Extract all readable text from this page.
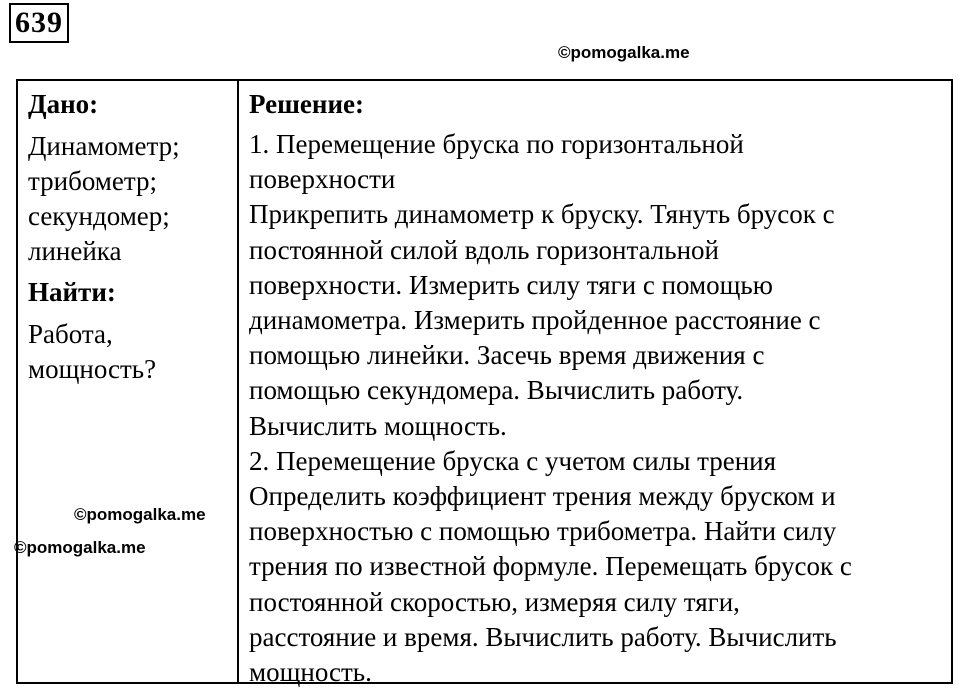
639
©pomogalka.me
Дано:
Динамометр;
трибометр;
секундомер;
линейка
Найти:
Работа,
мощность?
Решение:
1. Перемещение бруска по горизонтальной
поверхности
Прикрепить динамометр к бруску. Тянуть брусок с
постоянной силой вдоль горизонтальной
поверхности. Измерить силу тяги с помощью
динамометра. Измерить пройденное расстояние с
помощью линейки. Засечь время движения с
помощью секундомера. Вычислить работу.
Вычислить мощность.
2. Перемещение бруска с учетом силы трения
Определить коэффициент трения между бруском и
поверхностью с помощью трибометра. Найти силу
трения по известной формуле. Перемещать брусок с
постоянной скоростью, измеряя силу тяги,
расстояние и время. Вычислить работу. Вычислить
мощность.
©pomogalka.me
©pomogalka.me
